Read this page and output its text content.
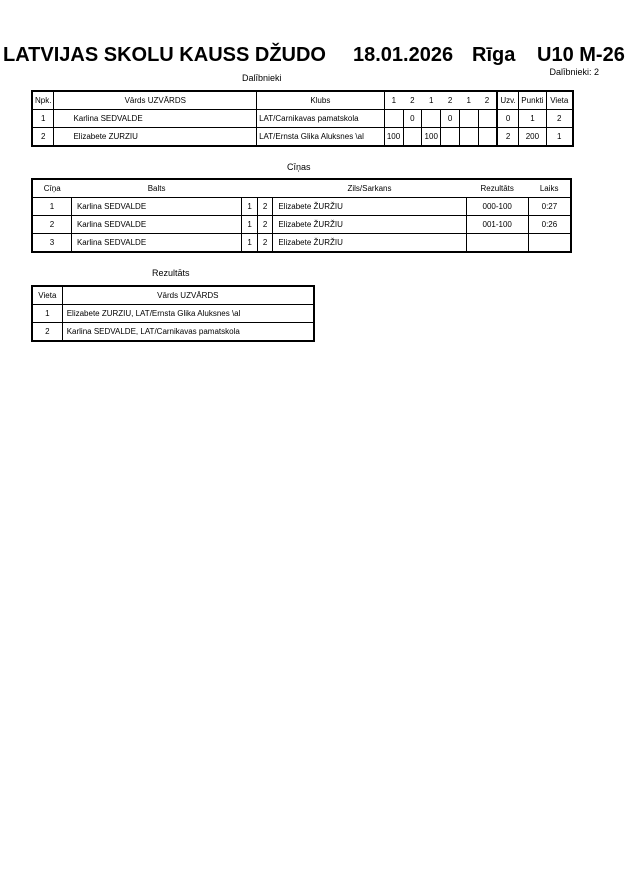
LATVIJAS SKOLU KAUSS DŽUDO 18.01.2026 Rīga U10 M-26
Dalībnieki: 2
Dalībnieki
Npk.	Vārds UZVĀRDS	Klubs	1	2	1	2	1	2	Uzv.	Punkti	Vieta
1	Karlina SEDVALDE	LAT/Carnikavas pamatskola		0		0			0	1	2
2	Elizabete ZURZIU	LAT/Ernsta Glika Aluksnes \al	100		100				2	200	1
Cīņas
Cīņa	Balts			Zils/Sarkans	Rezultāts	Laiks
1	Karlina SEDVALDE	1	2	Elizabete ŽURŽIU	000-100	0:27
2	Karlina SEDVALDE	1	2	Elizabete ŽURŽIU	001-100	0:26
3	Karlina SEDVALDE	1	2	Elizabete ŽURŽIU		
Rezultāts
Vieta	Vārds UZVĀRDS
1	Elizabete ZURZIU, LAT/Ernsta Glika Aluksnes \al
2	Karlina SEDVALDE, LAT/Carnikavas pamatskola
